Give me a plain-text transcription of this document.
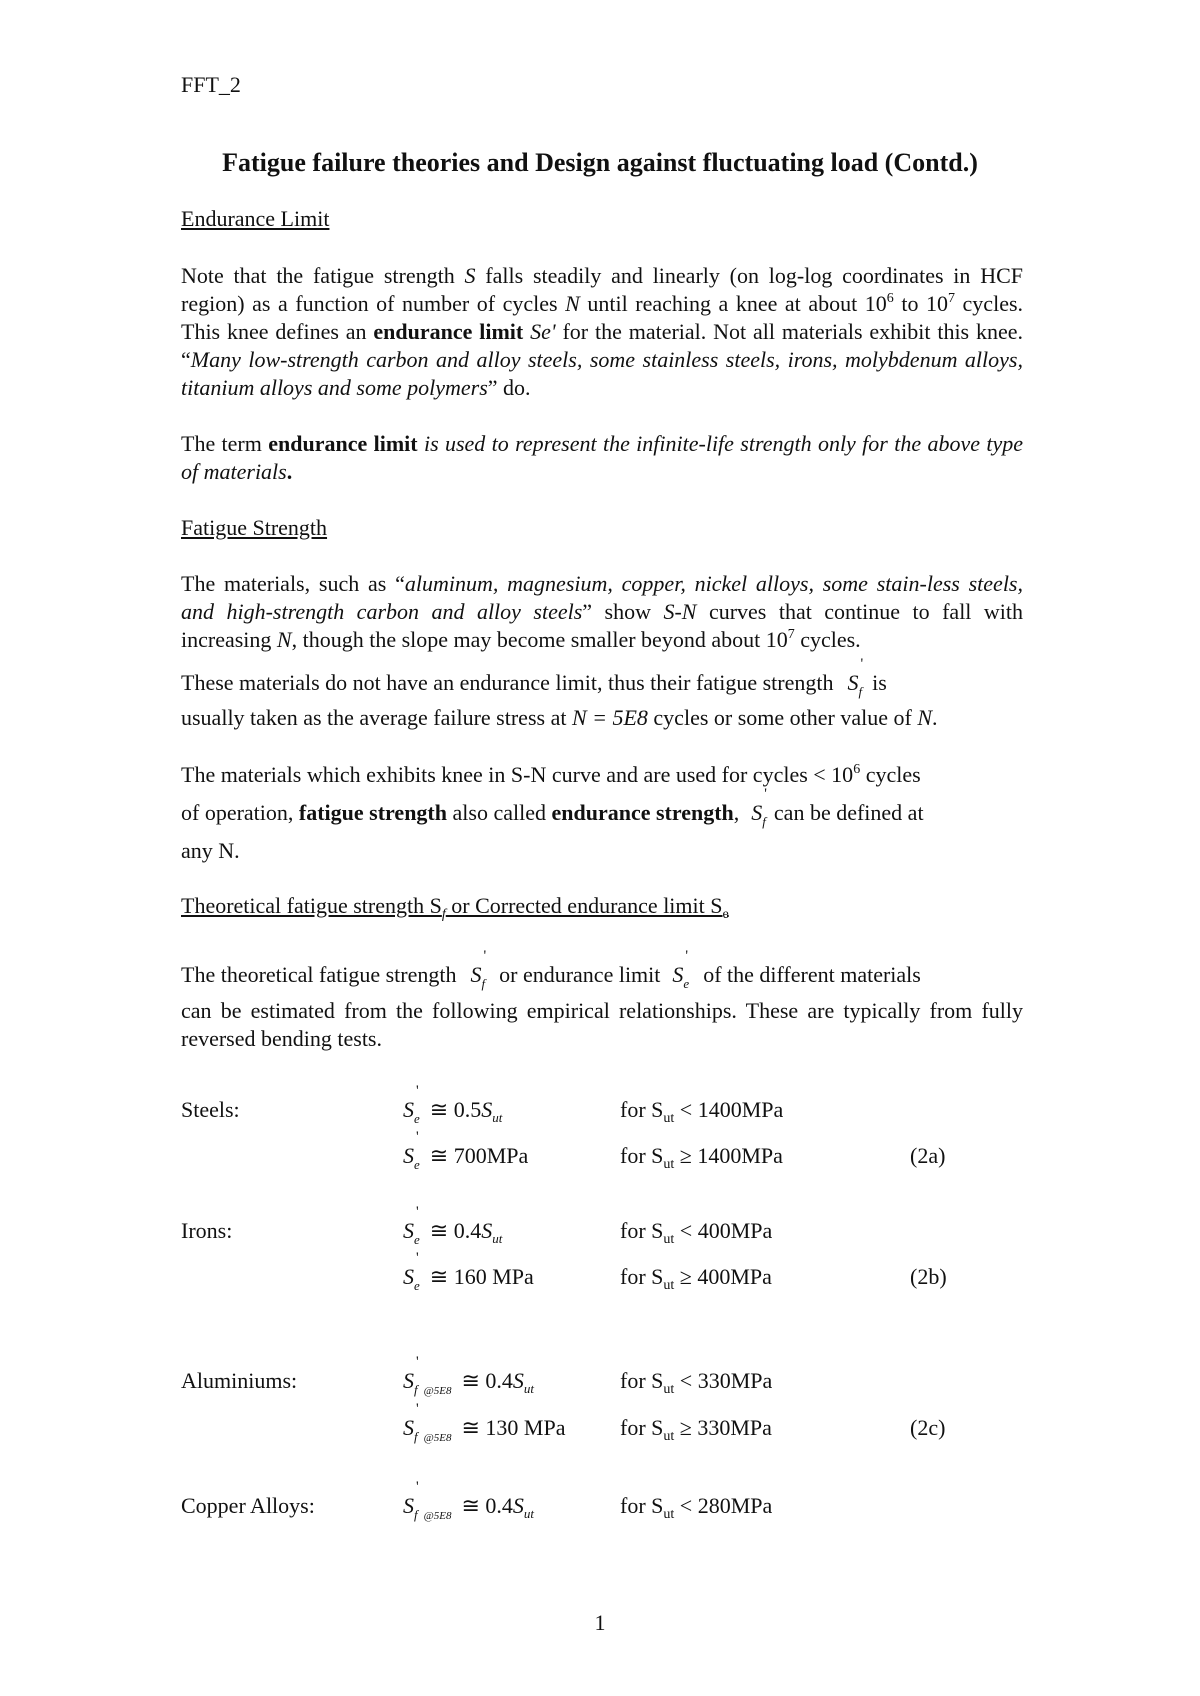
FFT_2
Fatigue failure theories and Design against fluctuating load (Contd.)
Endurance Limit
Note that the fatigue strength S falls steadily and linearly (on log-log coordinates in HCF region) as a function of number of cycles N until reaching a knee at about $10^6$ to $10^7$ cycles. This knee defines an endurance limit Se' for the material. Not all materials exhibit this knee. “Many low-strength carbon and alloy steels, some stainless steels, irons, molybdenum alloys, titanium alloys and some polymers” do.
The term endurance limit is used to represent the infinite-life strength only for the above type of materials.
Fatigue Strength
The materials, such as “aluminum, magnesium, copper, nickel alloys, some stain-less steels, and high-strength carbon and alloy steels” show S-N curves that continue to fall with increasing N, though the slope may become smaller beyond about $10^7$ cycles.
These materials do not have an endurance limit, thus their fatigue strength $S_f$
'
is
usually taken as the average failure stress at N = 5E8 cycles or some other value of N.
The materials which exhibits knee in S-N curve and are used for cycles < $10^6$ cycles
of operation, fatigue strength also called endurance strength, $S_f$
'
can be defined at
any N.
Theoretical fatigue strength $S_f$ or Corrected endurance limit $S_e$
The theoretical fatigue strength $S_f$
'
or endurance limit $S_e$
'
of the different materials
can be estimated from the following empirical relationships. These are typically from fully reversed bending tests.
Steels:	$S_e$
'
≅ $0.5S_{ut}$	for $S_{ut} < 1400MPa$
$S_e$
'
≅ 700MPa	for $S_{ut} \ge 1400MPa$	(2a)
Irons:	$S_e$
'
≅ $0.4S_{ut}$	for $S_{ut} < 400MPa$
$S_e$
'
≅ 160 MPa	for $S_{ut} \ge 400MPa$	(2b)
Aluminiums:	$S_f$
'
$_{@5E8}$ ≅ $0.4S_{ut}$	for $S_{ut} < 330MPa$
$S_f$
'
$_{@5E8}$ ≅ 130 MPa for $S_{ut} \ge 330MPa$	(2c)
Copper Alloys:	$S_f$
'
$_{@5E8}$ ≅ $0.4S_{ut}$	for $S_{ut} < 280MPa$
1
